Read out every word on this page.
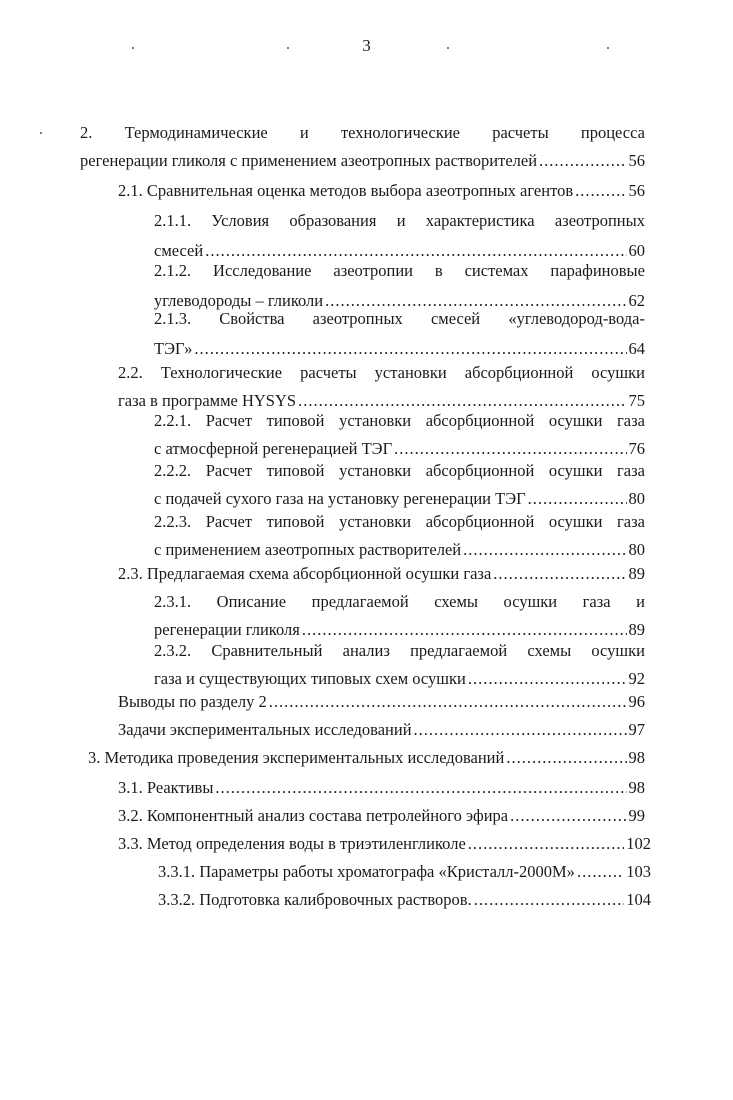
3
2. Термодинамические и технологические расчеты процесса
регенерации гликоля с применением азеотропных растворителей .....	56
2.1. Сравнительная оценка методов выбора азеотропных агентов .....	56
2.1.1. Условия образования и характеристика азеотропных
смесей .....	60
2.1.2. Исследование азеотропии в системах парафиновые
углеводороды – гликоли .....	62
2.1.3. Свойства азеотропных смесей «углеводород-вода-
ТЭГ» .....	64
2.2. Технологические расчеты установки абсорбционной осушки
газа в программе HYSYS .....	75
2.2.1. Расчет типовой установки абсорбционной осушки газа
с атмосферной регенерацией ТЭГ .....	76
2.2.2. Расчет типовой установки абсорбционной осушки газа
с подачей сухого газа на установку регенерации ТЭГ .....	80
2.2.3. Расчет типовой установки абсорбционной осушки газа
с применением азеотропных растворителей .....	80
2.3. Предлагаемая схема абсорбционной осушки газа .....	89
2.3.1. Описание предлагаемой схемы осушки газа и
регенерации гликоля .....	89
2.3.2. Сравнительный анализ предлагаемой схемы осушки
газа и существующих типовых схем осушки .....	92
Выводы по разделу 2 .....	96
Задачи экспериментальных исследований .....	97
3. Методика проведения экспериментальных исследований .....	98
3.1. Реактивы .....	98
3.2. Компонентный анализ состава петролейного эфира .....	99
3.3. Метод определения воды в триэтиленгликоле .....	102
3.3.1. Параметры работы хроматографа «Кристалл-2000М» .....	103
3.3.2. Подготовка калибровочных растворов. .....	104
